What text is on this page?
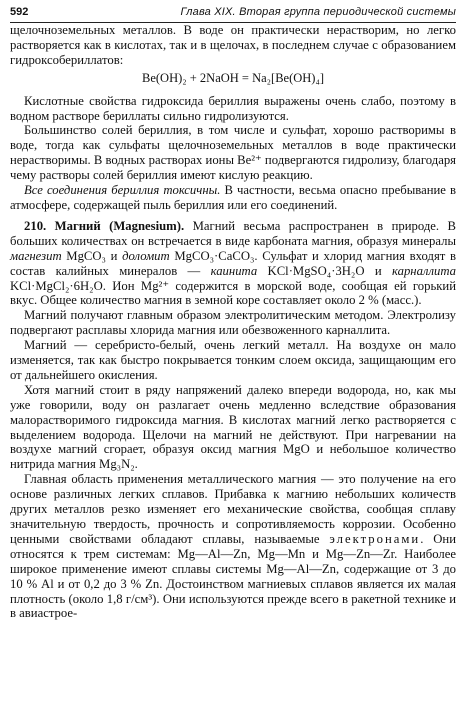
592	Глава XIX. Вторая группа периодической системы

щелочноземельных металлов. В воде он практически нерастворим, но легко растворяется как в кислотах, так и в щелочах, в последнем случае с образованием гидроксобериллатов:

Be(OH)₂ + 2NaOH = Na₂[Be(OH)₄]

Кислотные свойства гидроксида бериллия выражены очень слабо, поэтому в водном растворе бериллаты сильно гидролизуются.

Большинство солей бериллия, в том числе и сульфат, хорошо растворимы в воде, тогда как сульфаты щелочноземельных металлов в воде практически нерастворимы. В водных растворах ионы Be²⁺ подвергаются гидролизу, благодаря чему растворы солей бериллия имеют кислую реакцию.

Все соединения бериллия токсичны. В частности, весьма опасно пребывание в атмосфере, содержащей пыль бериллия или его соединений.

210. Магний (Magnesium). Магний весьма распространен в природе. В больших количествах он встречается в виде карбоната магния, образуя минералы магнезит MgCO₃ и доломит MgCO₃·CaCO₃. Сульфат и хлорид магния входят в состав калийных минералов — каинита KCl·MgSO₄·3H₂O и карналлита KCl·MgCl₂·6H₂O. Ион Mg²⁺ содержится в морской воде, сообщая ей горький вкус. Общее количество магния в земной коре составляет около 2 % (масс.).

Магний получают главным образом электролитическим методом. Электролизу подвергают расплавы хлорида магния или обезвоженного карналлита.

Магний — серебристо-белый, очень легкий металл. На воздухе он мало изменяется, так как быстро покрывается тонким слоем оксида, защищающим его от дальнейшего окисления.

Хотя магний стоит в ряду напряжений далеко впереди водорода, но, как мы уже говорили, воду он разлагает очень медленно вследствие образования малорастворимого гидроксида магния. В кислотах магний легко растворяется с выделением водорода. Щелочи на магний не действуют. При нагревании на воздухе магний сгорает, образуя оксид магния MgO и небольшое количество нитрида магния Mg₃N₂.

Главная область применения металлического магния — это получение на его основе различных легких сплавов. Прибавка к магнию небольших количеств других металлов резко изменяет его механические свойства, сообщая сплаву значительную твердость, прочность и сопротивляемость коррозии. Особенно ценными свойствами обладают сплавы, называемые электронами. Они относятся к трем системам: Mg—Al—Zn, Mg—Mn и Mg—Zn—Zr. Наиболее широкое применение имеют сплавы системы Mg—Al—Zn, содержащие от 3 до 10 % Al и от 0,2 до 3 % Zn. Достоинством магниевых сплавов является их малая плотность (около 1,8 г/см³). Они используются прежде всего в ракетной технике и в авиастрое-
